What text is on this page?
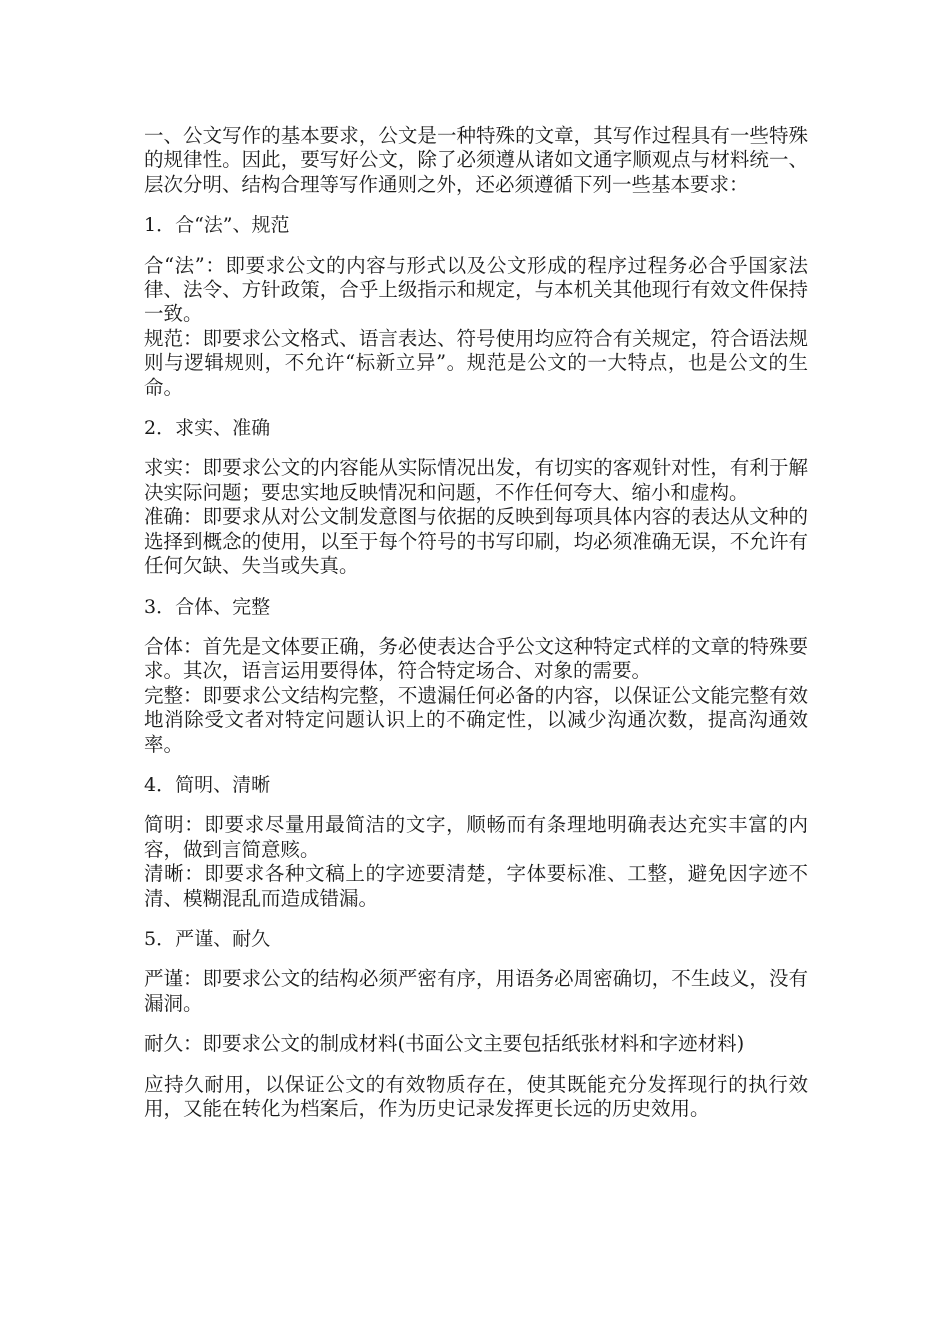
一、公文写作的基本要求，公文是一种特殊的文章，其写作过程具有一些特殊的规律性。因此，要写好公文，除了必须遵从诸如文通字顺观点与材料统一、层次分明、结构合理等写作通则之外，还必须遵循下列一些基本要求：

1．合“法”、规范

合“法”：即要求公文的内容与形式以及公文形成的程序过程务必合乎国家法律、法令、方针政策，合乎上级指示和规定，与本机关其他现行有效文件保持一致。

规范：即要求公文格式、语言表达、符号使用均应符合有关规定，符合语法规则与逻辑规则，不允许“标新立异”。规范是公文的一大特点，也是公文的生命。

2．求实、准确

求实：即要求公文的内容能从实际情况出发，有切实的客观针对性，有利于解决实际问题；要忠实地反映情况和问题，不作任何夸大、缩小和虚构。

准确：即要求从对公文制发意图与依据的反映到每项具体内容的表达从文种的选择到概念的使用，以至于每个符号的书写印刷，均必须准确无误，不允许有任何欠缺、失当或失真。

3．合体、完整

合体：首先是文体要正确，务必使表达合乎公文这种特定式样的文章的特殊要求。其次，语言运用要得体，符合特定场合、对象的需要。

完整：即要求公文结构完整，不遗漏任何必备的内容，以保证公文能完整有效地消除受文者对特定问题认识上的不确定性，以减少沟通次数，提高沟通效率。

4．简明、清晰

简明：即要求尽量用最简洁的文字，顺畅而有条理地明确表达充实丰富的内容，做到言简意赅。

清晰：即要求各种文稿上的字迹要清楚，字体要标准、工整，避免因字迹不清、模糊混乱而造成错漏。

5．严谨、耐久

严谨：即要求公文的结构必须严密有序，用语务必周密确切，不生歧义，没有漏洞。

耐久：即要求公文的制成材料(书面公文主要包括纸张材料和字迹材料)

应持久耐用，以保证公文的有效物质存在，使其既能充分发挥现行的执行效用，又能在转化为档案后，作为历史记录发挥更长远的历史效用。
